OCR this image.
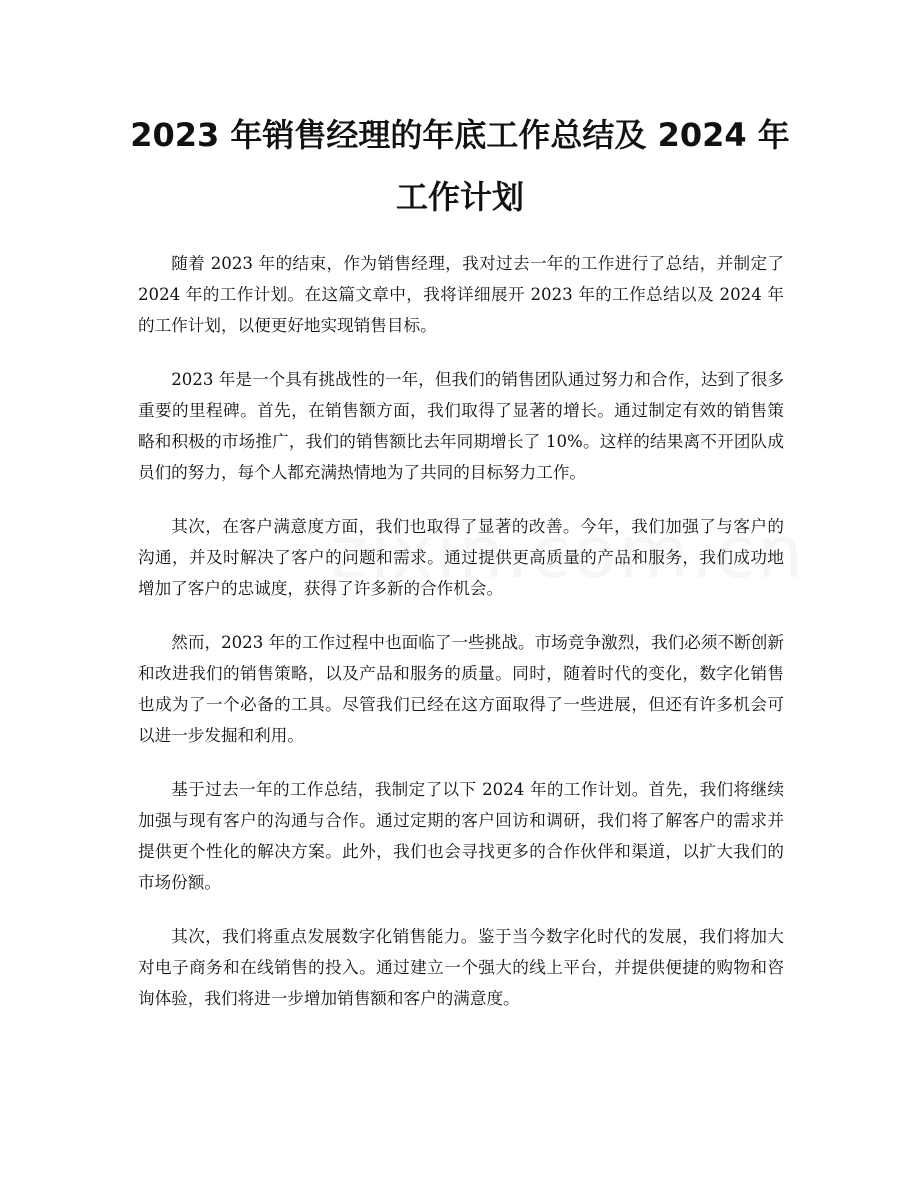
2023 年销售经理的年底工作总结及 2024 年
工作计划

随着 2023 年的结束，作为销售经理，我对过去一年的工作进行了总结，并制定了 2024 年的工作计划。在这篇文章中，我将详细展开 2023 年的工作总结以及 2024 年的工作计划，以便更好地实现销售目标。

2023 年是一个具有挑战性的一年，但我们的销售团队通过努力和合作，达到了很多重要的里程碑。首先，在销售额方面，我们取得了显著的增长。通过制定有效的销售策略和积极的市场推广，我们的销售额比去年同期增长了 10%。这样的结果离不开团队成员们的努力，每个人都充满热情地为了共同的目标努力工作。

其次，在客户满意度方面，我们也取得了显著的改善。今年，我们加强了与客户的沟通，并及时解决了客户的问题和需求。通过提供更高质量的产品和服务，我们成功地增加了客户的忠诚度，获得了许多新的合作机会。

然而，2023 年的工作过程中也面临了一些挑战。市场竞争激烈，我们必须不断创新和改进我们的销售策略，以及产品和服务的质量。同时，随着时代的变化，数字化销售也成为了一个必备的工具。尽管我们已经在这方面取得了一些进展，但还有许多机会可以进一步发掘和利用。

基于过去一年的工作总结，我制定了以下 2024 年的工作计划。首先，我们将继续加强与现有客户的沟通与合作。通过定期的客户回访和调研，我们将了解客户的需求并提供更个性化的解决方案。此外，我们也会寻找更多的合作伙伴和渠道，以扩大我们的市场份额。

其次，我们将重点发展数字化销售能力。鉴于当今数字化时代的发展，我们将加大对电子商务和在线销售的投入。通过建立一个强大的线上平台，并提供便捷的购物和咨询体验，我们将进一步增加销售额和客户的满意度。
